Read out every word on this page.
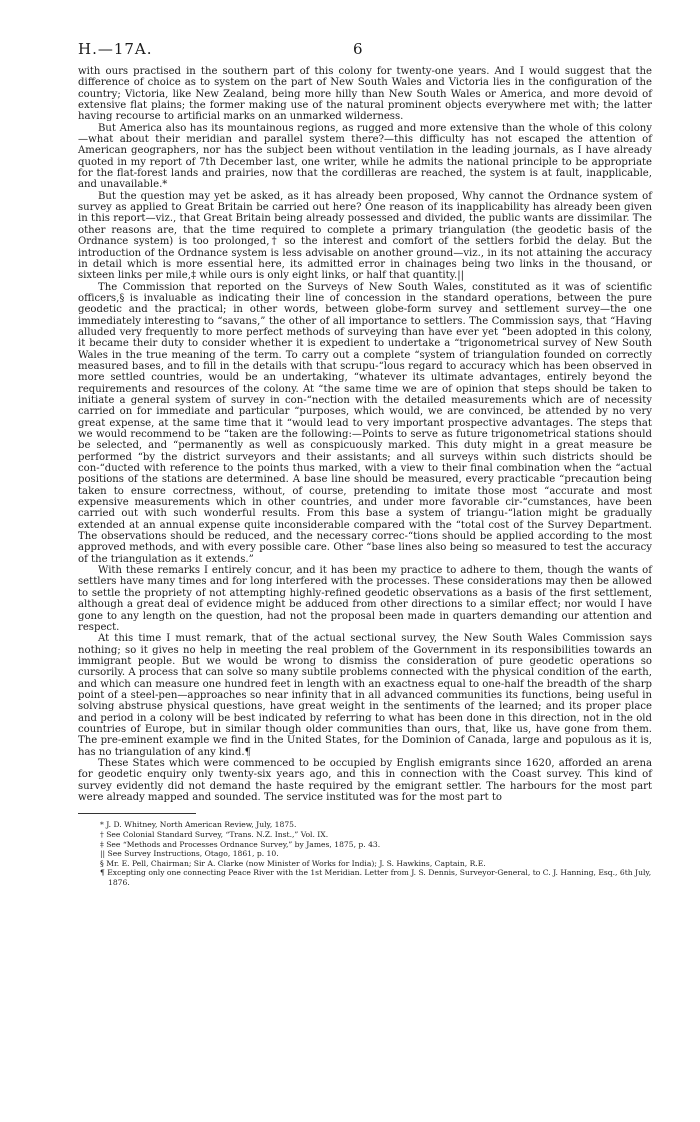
H.—17A.	6

with ours practised in the southern part of this colony for twenty-one years. And I would suggest that the difference of choice as to system on the part of New South Wales and Victoria lies in the configuration of the country; Victoria, like New Zealand, being more hilly than New South Wales or America, and more devoid of extensive flat plains; the former making use of the natural prominent objects everywhere met with; the latter having recourse to artificial marks on an unmarked wilderness.

But America also has its mountainous regions, as rugged and more extensive than the whole of this colony—what about their meridian and parallel system there?—this difficulty has not escaped the attention of American geographers, nor has the subject been without ventilation in the leading journals, as I have already quoted in my report of 7th December last, one writer, while he admits the national principle to be appropriate for the flat-forest lands and prairies, now that the cordilleras are reached, the system is at fault, inapplicable, and unavailable.*

But the question may yet be asked, as it has already been proposed, Why cannot the Ordnance system of survey as applied to Great Britain be carried out here? One reason of its inapplicability has already been given in this report—viz., that Great Britain being already possessed and divided, the public wants are dissimilar. The other reasons are, that the time required to complete a primary triangulation (the geodetic basis of the Ordnance system) is too prolonged,† so the interest and comfort of the settlers forbid the delay. But the introduction of the Ordnance system is less advisable on another ground—viz., in its not attaining the accuracy in detail which is more essential here, its admitted error in chainages being two links in the thousand, or sixteen links per mile,‡ while ours is only eight links, or half that quantity.||

The Commission that reported on the Surveys of New South Wales, constituted as it was of scientific officers,§ is invaluable as indicating their line of concession in the standard operations, between the pure geodetic and the practical; in other words, between globe-form survey and settlement survey—the one immediately interesting to “savans,” the other of all importance to settlers. The Commission says, that “Having alluded very frequently to more perfect methods of surveying than have ever yet “been adopted in this colony, it became their duty to consider whether it is expedient to undertake a “trigonometrical survey of New South Wales in the true meaning of the term. To carry out a complete “system of triangulation founded on correctly measured bases, and to fill in the details with that scrupu-“lous regard to accuracy which has been observed in more settled countries, would be an undertaking, “whatever its ultimate advantages, entirely beyond the requirements and resources of the colony. At “the same time we are of opinion that steps should be taken to initiate a general system of survey in con-“nection with the detailed measurements which are of necessity carried on for immediate and particular “purposes, which would, we are convinced, be attended by no very great expense, at the same time that it “would lead to very important prospective advantages. The steps that we would recommend to be “taken are the following:—Points to serve as future trigonometrical stations should be selected, and “permanently as well as conspicuously marked. This duty might in a great measure be performed “by the district surveyors and their assistants; and all surveys within such districts should be con-“ducted with reference to the points thus marked, with a view to their final combination when the “actual positions of the stations are determined. A base line should be measured, every practicable “precaution being taken to ensure correctness, without, of course, pretending to imitate those most “accurate and most expensive measurements which in other countries, and under more favorable cir-“cumstances, have been carried out with such wonderful results. From this base a system of triangu-“lation might be gradually extended at an annual expense quite inconsiderable compared with the “total cost of the Survey Department. The observations should be reduced, and the necessary correc-“tions should be applied according to the most approved methods, and with every possible care. Other “base lines also being so measured to test the accuracy of the triangulation as it extends.”

With these remarks I entirely concur, and it has been my practice to adhere to them, though the wants of settlers have many times and for long interfered with the processes. These considerations may then be allowed to settle the propriety of not attempting highly-refined geodetic observations as a basis of the first settlement, although a great deal of evidence might be adduced from other directions to a similar effect; nor would I have gone to any length on the question, had not the proposal been made in quarters demanding our attention and respect.

At this time I must remark, that of the actual sectional survey, the New South Wales Commission says nothing; so it gives no help in meeting the real problem of the Government in its responsibilities towards an immigrant people. But we would be wrong to dismiss the consideration of pure geodetic operations so cursorily. A process that can solve so many subtile problems connected with the physical condition of the earth, and which can measure one hundred feet in length with an exactness equal to one-half the breadth of the sharp point of a steel-pen—approaches so near infinity that in all advanced communities its functions, being useful in solving abstruse physical questions, have great weight in the sentiments of the learned; and its proper place and period in a colony will be best indicated by referring to what has been done in this direction, not in the old countries of Europe, but in similar though older communities than ours, that, like us, have gone from them. The pre-eminent example we find in the United States, for the Dominion of Canada, large and populous as it is, has no triangulation of any kind.¶

These States which were commenced to be occupied by English emigrants since 1620, afforded an arena for geodetic enquiry only twenty-six years ago, and this in connection with the Coast survey. This kind of survey evidently did not demand the haste required by the emigrant settler. The harbours for the most part were already mapped and sounded. The service instituted was for the most part to

* J. D. Whitney, North American Review, July, 1875.
† See Colonial Standard Survey, “Trans. N.Z. Inst.,” Vol. IX.
‡ See “Methods and Processes Ordnance Survey,” by James, 1875, p. 43.
|| See Survey Instructions, Otago, 1861, p. 10.
§ Mr. E. Pell, Chairman; Sir A. Clarke (now Minister of Works for India); J. S. Hawkins, Captain, R.E.
¶ Excepting only one connecting Peace River with the 1st Meridian. Letter from J. S. Dennis, Surveyor-General, to C. J. Hanning, Esq., 6th July, 1876.
